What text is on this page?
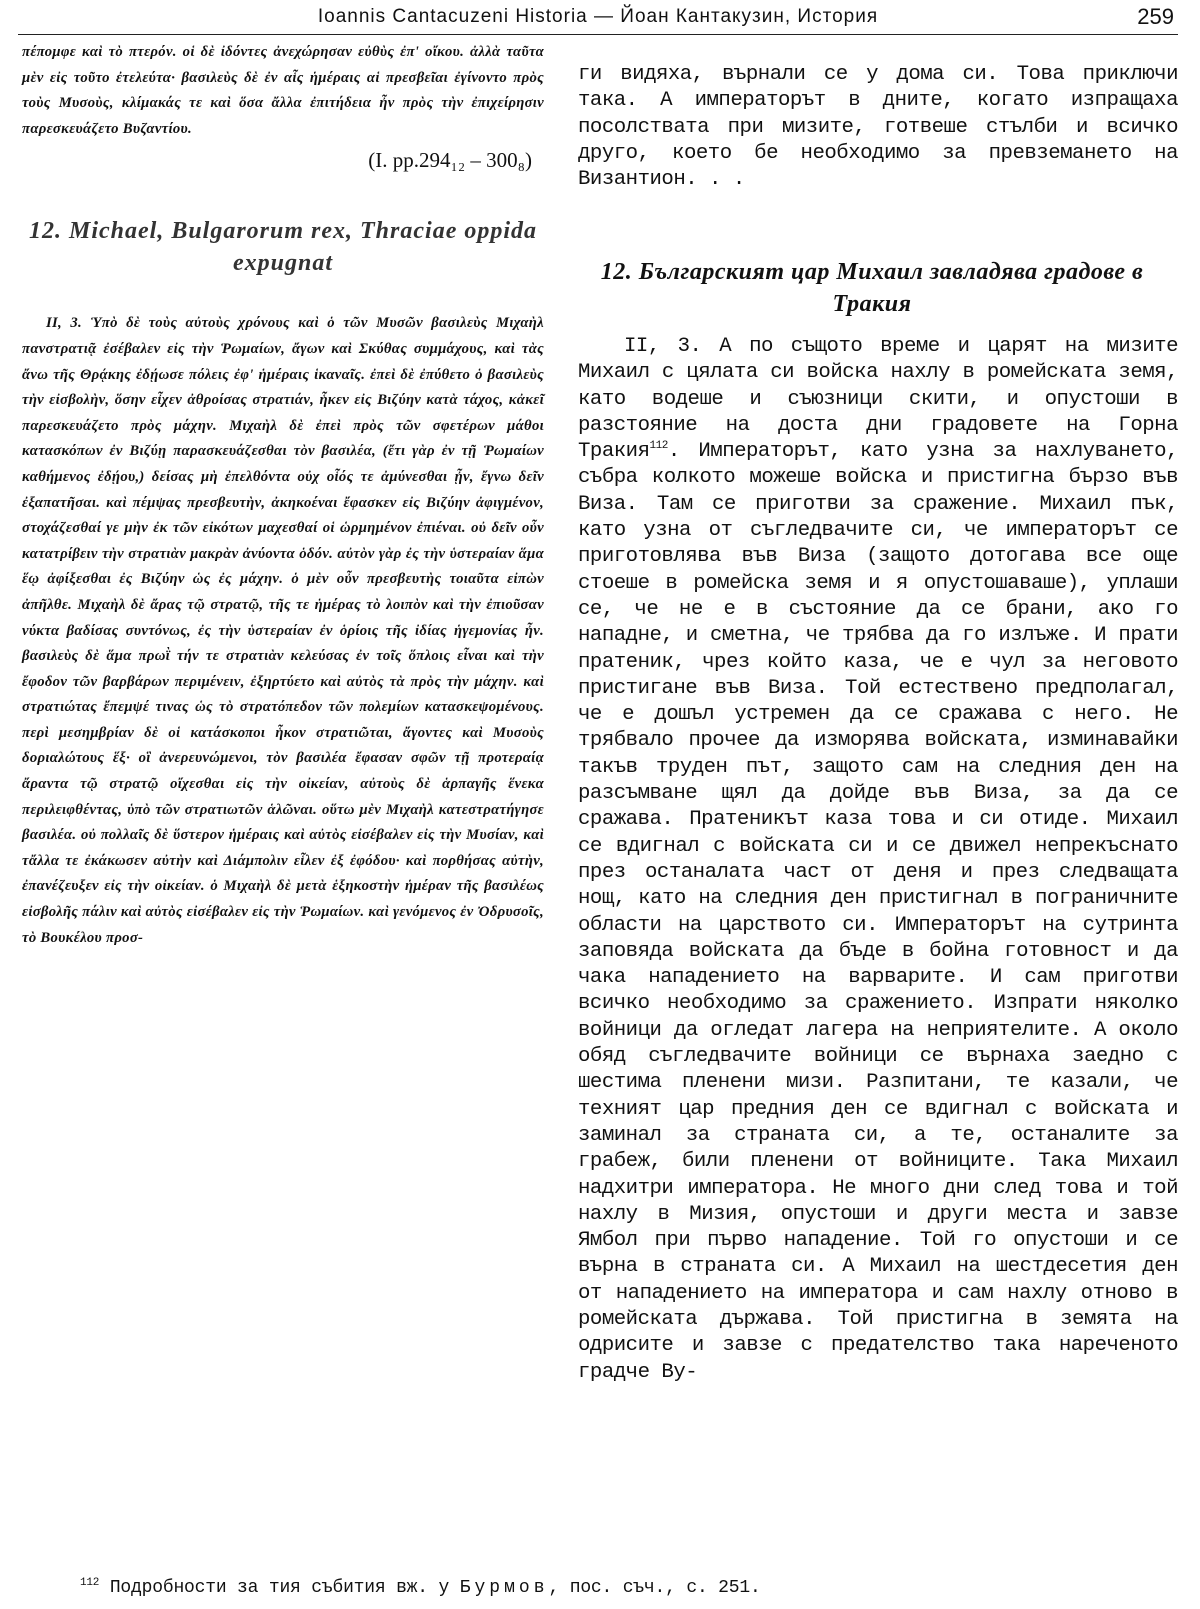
Ioannis Cantacuzeni Historia — Йоан Кантакузин, История	259

πέπομφε καὶ τὸ πτερόν. οἱ δὲ ἰδόντες ἀνεχώρησαν εὐθὺς ἐπ' οἴκου. ἀλλὰ ταῦτα μὲν εἰς τοῦτο ἐτελεύτα· βασιλεὺς δὲ ἐν αἷς ἡμέραις αἱ πρεσβεῖαι ἐγίνοντο πρὸς τοὺς Μυσοὺς, κλίμακάς τε καὶ ὅσα ἄλλα ἐπιτήδεια ἦν πρὸς τὴν ἐπιχείρησιν παρεσκευάζετο Βυζαντίου.

(I. pp.294₁₂ – 300₈)
12. Michael, Bulgarorum rex, Thraciae oppida expugnat

II, 3. Ὑπὸ δὲ τοὺς αὐτοὺς χρόνους καὶ ὁ τῶν Μυσῶν βασιλεὺς Μιχαὴλ πανστρατιᾷ ἐσέβαλεν εἰς τὴν Ῥωμαίων, ἄγων καὶ Σκύθας συμμάχους, καὶ τὰς ἄνω τῆς Θρᾴκης ἐδῄωσε πόλεις ἐφ' ἡμέραις ἱκαναῖς. ἐπεὶ δὲ ἐπύθετο ὁ βασιλεὺς τὴν εἰσβολὴν, ὅσην εἶχεν ἀθροίσας στρατιάν, ἧκεν εἰς Βιζύην κατὰ τάχος, κἀκεῖ παρεσκευάζετο πρὸς μάχην. Μιχαὴλ δὲ ἐπεὶ πρὸς τῶν σφετέρων μάθοι κατασκόπων ἐν Βιζύῃ παρασκευάζεσθαι τὸν βασιλέα, (ἔτι γὰρ ἐν τῇ Ῥωμαίων καθήμενος ἐδῄου,) δείσας μὴ ἐπελθόντα οὐχ οἷός τε ἀμύνεσθαι ᾖν, ἔγνω δεῖν ἐξαπατῆσαι. καὶ πέμψας πρεσβευτὴν, ἀκηκοέναι ἔφασκεν εἰς Βιζύην ἀφιγμένον, στοχάζεσθαί γε μὴν ἐκ τῶν εἰκότων μαχεσθαί οἱ ὡρμημένον ἐπιέναι. οὐ δεῖν οὖν κατατρίβειν τὴν στρατιὰν μακρὰν ἀνύοντα ὁδόν. αὐτὸν γὰρ ἐς τὴν ὑστεραίαν ἅμα ἕῳ ἀφίξεσθαι ἐς Βιζύην ὡς ἐς μάχην. ὁ μὲν οὖν πρεσβευτὴς τοιαῦτα εἰπὼν ἀπῆλθε. Μιχαὴλ δὲ ἄρας τῷ στρατῷ, τῆς τε ἡμέρας τὸ λοιπὸν καὶ τὴν ἐπιοῦσαν νύκτα βαδίσας συντόνως, ἐς τὴν ὑστεραίαν ἐν ὁρίοις τῆς ἰδίας ἡγεμονίας ἦν. βασιλεὺς δὲ ἅμα πρωῒ τήν τε στρατιὰν κελεύσας ἐν τοῖς ὅπλοις εἶναι καὶ τὴν ἔφοδον τῶν βαρβάρων περιμένειν, ἐξηρτύετο καὶ αὐτὸς τὰ πρὸς τὴν μάχην. καὶ στρατιώτας ἔπεμψέ τινας ὡς τὸ στρατόπεδον τῶν πολεμίων κατασκεψομένους. περὶ μεσημβρίαν δὲ οἱ κατάσκοποι ἧκον στρατιῶται, ἄγοντες καὶ Μυσοὺς δοριαλώτους ἕξ· οἳ ἀνερευνώμενοι, τὸν βασιλέα ἔφασαν σφῶν τῇ προτεραίᾳ ἄραντα τῷ στρατῷ οἴχεσθαι εἰς τὴν οἰκείαν, αὐτοὺς δὲ ἁρπαγῆς ἕνεκα περιλειφθέντας, ὑπὸ τῶν στρατιωτῶν ἁλῶναι. οὕτω μὲν Μιχαὴλ κατεστρατήγησε βασιλέα. οὐ πολλαῖς δὲ ὕστερον ἡμέραις καὶ αὐτὸς εἰσέβαλεν εἰς τὴν Μυσίαν, καὶ τἄλλα τε ἐκάκωσεν αὐτὴν καὶ Διάμπολιν εἷλεν ἐξ ἐφόδου· καὶ πορθήσας αὐτὴν, ἐπανέζευξεν εἰς τὴν οἰκείαν. ὁ Μιχαὴλ δὲ μετὰ ἑξηκοστὴν ἡμέραν τῆς βασιλέως εἰσβολῆς πάλιν καὶ αὐτὸς εἰσέβαλεν εἰς τὴν Ῥωμαίων. καὶ γενόμενος ἐν Ὀδρυσοῖς, τὸ Βουκέλου προσ-

ги видяха, върнали се у дома си. Това приключи така. А императорът в дните, когато изпращаха посолствата при мизите, готвеше стълби и всичко друго, което бе необходимо за превземането на Византион. . .

12. Българският цар Михаил завладява градове в Тракия

II, 3. А по същото време и царят на мизите Михаил с цялата си войска нахлу в ромейската земя, като водеше и съюзници скити, и опустоши в разстояние на доста дни градовете на Горна Тракия$^{112}$. Императорът, като узна за нахлуването, събра колкото можеше войска и пристигна бързо във Виза. Там се приготви за сражение. Михаил пък, като узна от съгледвачите си, че императорът се приготовлява във Виза (защото дотогава все още стоеше в ромейска земя и я опустошаваше), уплаши се, че не е в състояние да се брани, ако го нападне, и сметна, че трябва да го излъже. И прати пратеник, чрез който каза, че е чул за неговото пристигане във Виза. Той естествено предполагал, че е дошъл устремен да се сражава с него. Не трябвало прочее да изморява войската, изминавайки такъв труден път, защото сам на следния ден на разсъмване щял да дойде във Виза, за да се сражава. Пратеникът каза това и си отиде. Михаил се вдигнал с войската си и се движел непрекъснато през останалата част от деня и през следващата нощ, като на следния ден пристигнал в пограничните области на царството си. Императорът на сутринта заповяда войската да бъде в бойна готовност и да чака нападението на варварите. И сам приготви всичко необходимо за сражението. Изпрати няколко войници да огледат лагера на неприятелите. А около обяд съгледвачите войници се върнаха заедно с шестима пленени мизи. Разпитани, те казали, че техният цар предния ден се вдигнал с войската и заминал за страната си, а те, останалите за грабеж, били пленени от войниците. Така Михаил надхитри императора. Не много дни след това и той нахлу в Мизия, опустоши и други места и завзе Ямбол при първо нападение. Той го опустоши и се върна в страната си. А Михаил на шестдесетия ден от нападението на императора и сам нахлу отново в ромейската държава. Той пристигна в земята на одрисите и завзе с предателство така нареченото градче Ву-

$^{112}$ Подробности за тия събития вж. у Бурмов, пос. съч., с. 251.
